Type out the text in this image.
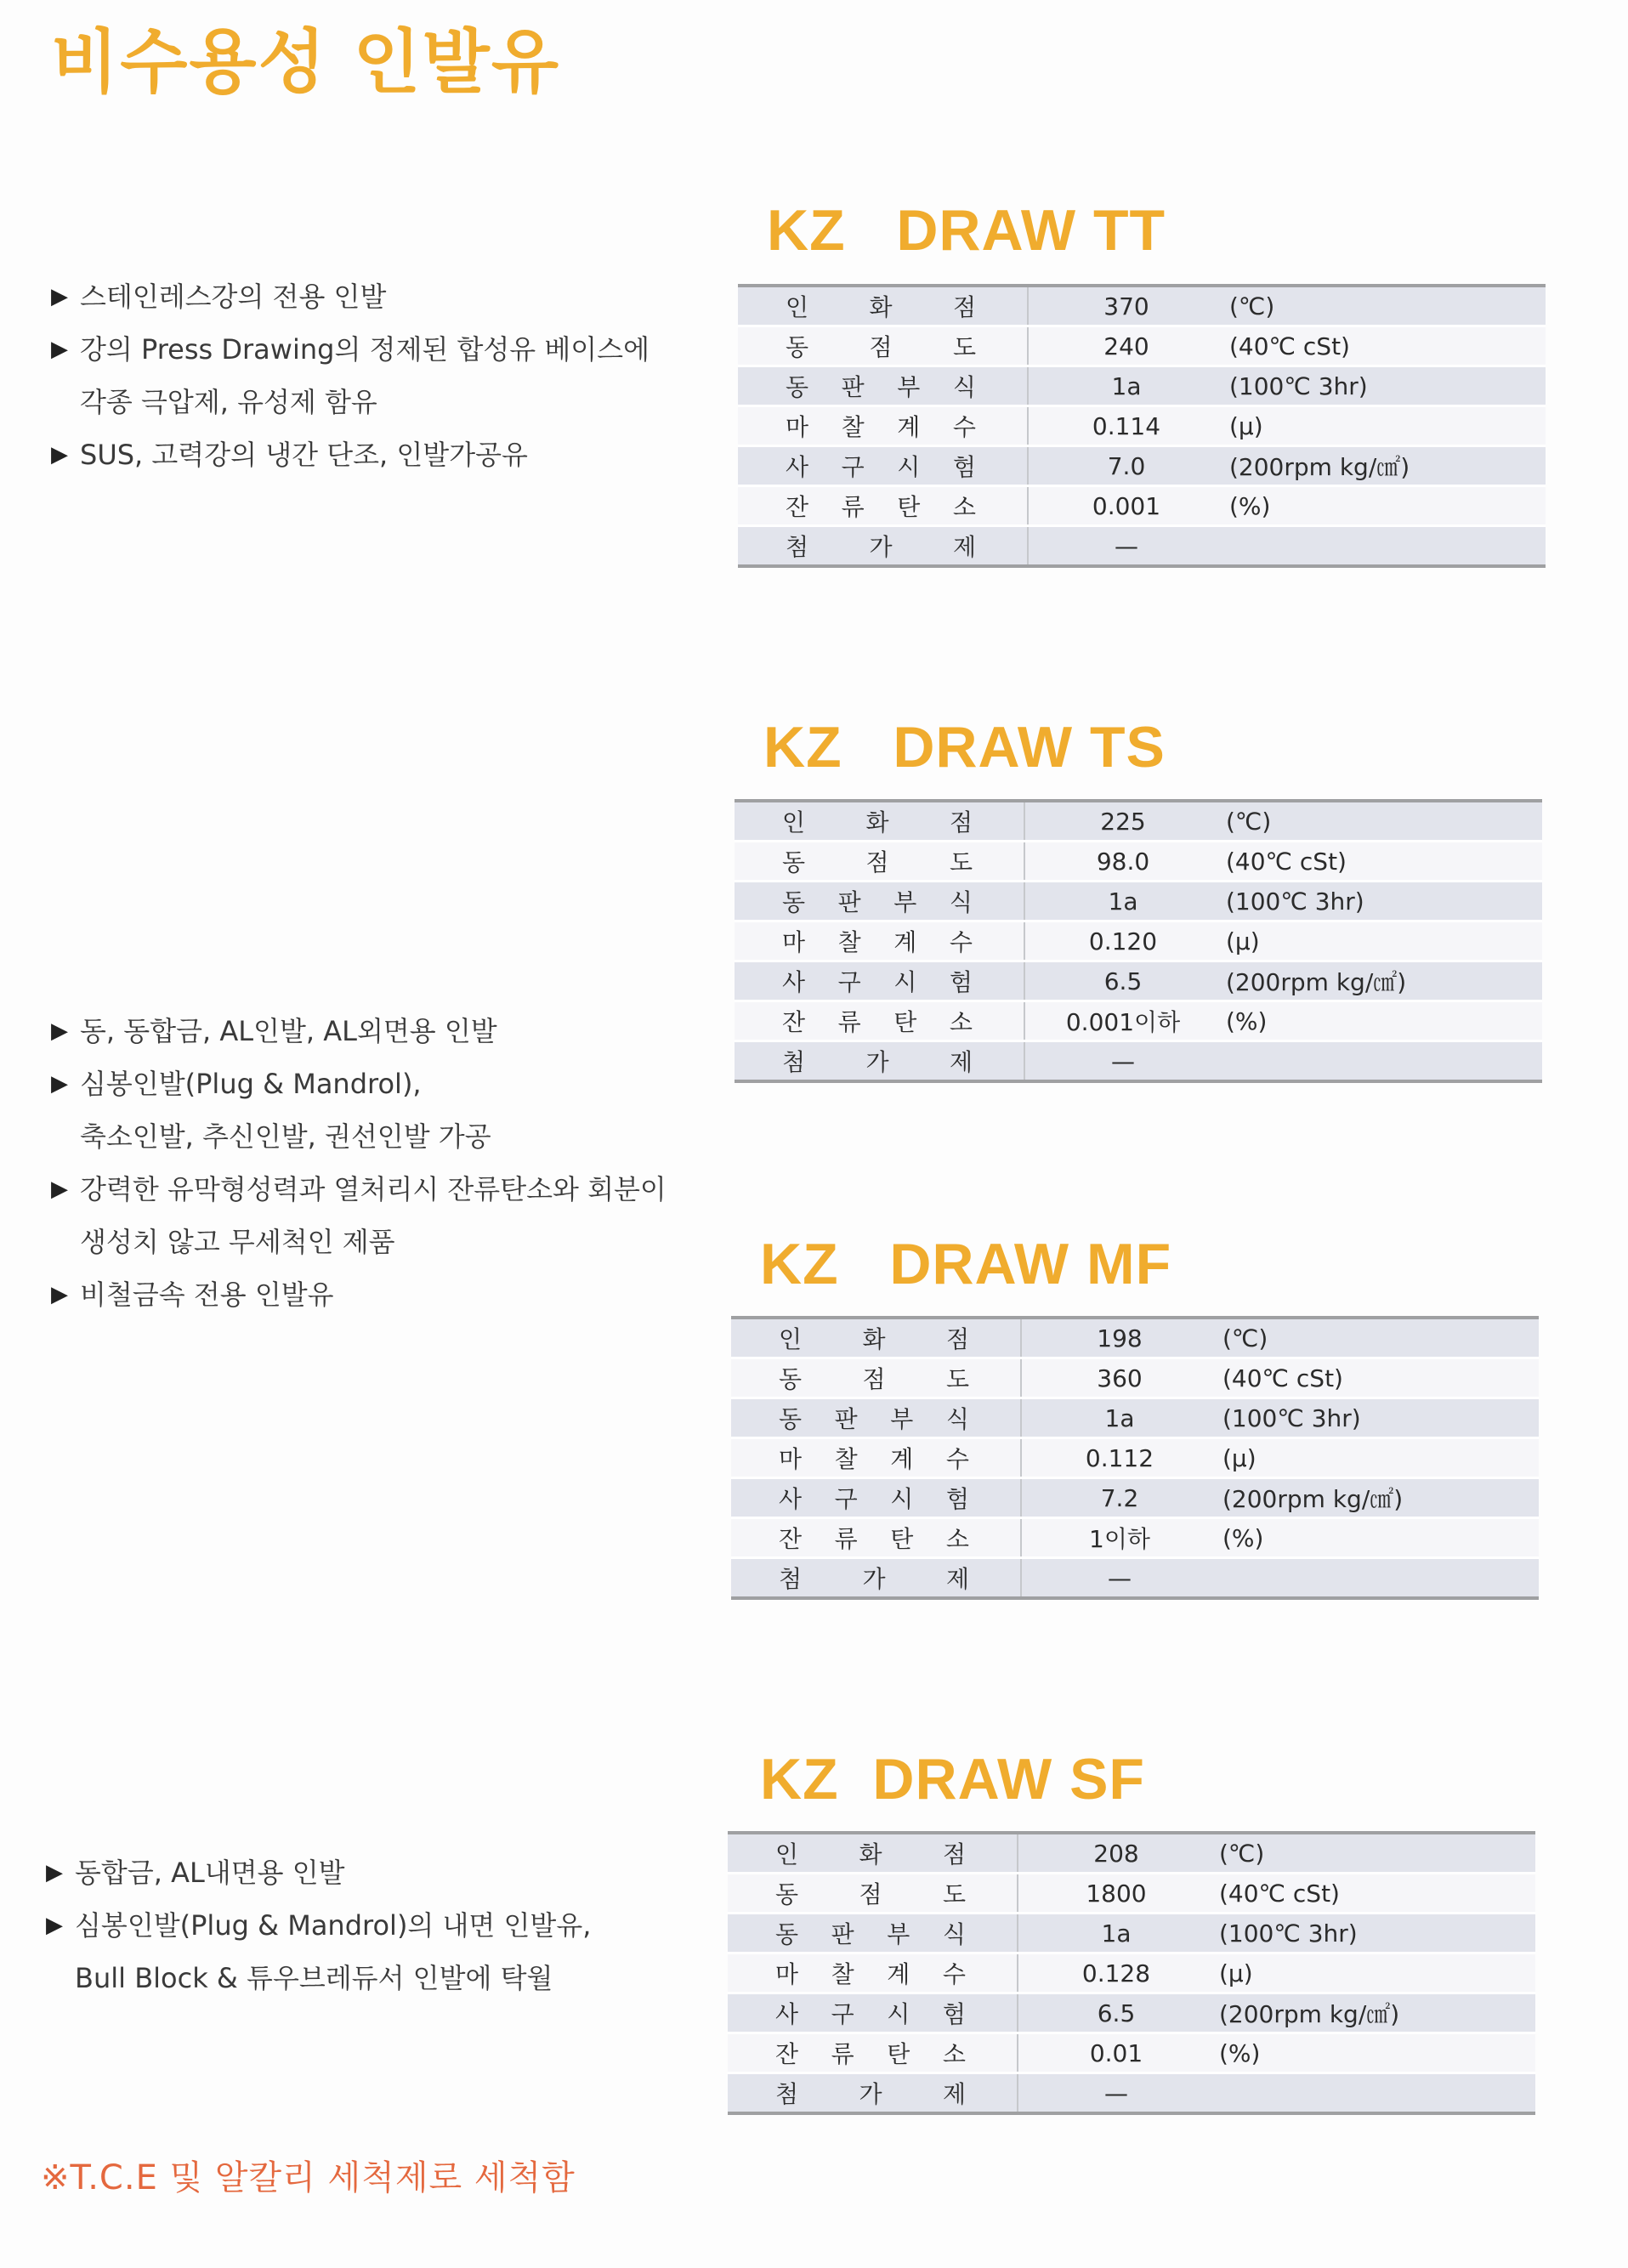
비수용성 인발유
KZ   DRAW TT
▶ 스테인레스강의 전용 인발
▶ 강의 Press Drawing의 정제된 합성유 베이스에
각종 극압제, 유성제 함유
▶ SUS, 고력강의 냉간 단조, 인발가공유
인 화 점	370	(℃)

동 점 도	240	(40℃ cSt)

동 판 부 식	1a	(100℃ 3hr)

마 찰 계 수	0.114	(μ)

사 구 시 험	7.0	(200rpm kg/㎠)

잔 류 탄 소	0.001	(%)

첨 가 제	—	
KZ   DRAW TS
▶ 동, 동합금, AL인발, AL외면용 인발
▶ 심봉인발(Plug & Mandrol),
축소인발, 추신인발, 권선인발 가공
▶ 강력한 유막형성력과 열처리시 잔류탄소와 회분이
생성치 않고 무세척인 제품
▶ 비철금속 전용 인발유
인 화 점	225	(℃)

동 점 도	98.0	(40℃ cSt)

동 판 부 식	1a	(100℃ 3hr)

마 찰 계 수	0.120	(μ)

사 구 시 험	6.5	(200rpm kg/㎠)

잔 류 탄 소	0.001이하	(%)

첨 가 제	—	
KZ   DRAW MF
인 화 점	198	(℃)

동 점 도	360	(40℃ cSt)

동 판 부 식	1a	(100℃ 3hr)

마 찰 계 수	0.112	(μ)

사 구 시 험	7.2	(200rpm kg/㎠)

잔 류 탄 소	1이하	(%)

첨 가 제	—	
KZ  DRAW SF
▶ 동합금, AL내면용 인발
▶ 심봉인발(Plug & Mandrol)의 내면 인발유,
Bull Block & 튜우브레듀서 인발에 탁월
인 화 점	208	(℃)

동 점 도	1800	(40℃ cSt)

동 판 부 식	1a	(100℃ 3hr)

마 찰 계 수	0.128	(μ)

사 구 시 험	6.5	(200rpm kg/㎠)

잔 류 탄 소	0.01	(%)

첨 가 제	—	
※T.C.E 및 알칼리 세척제로 세척함
